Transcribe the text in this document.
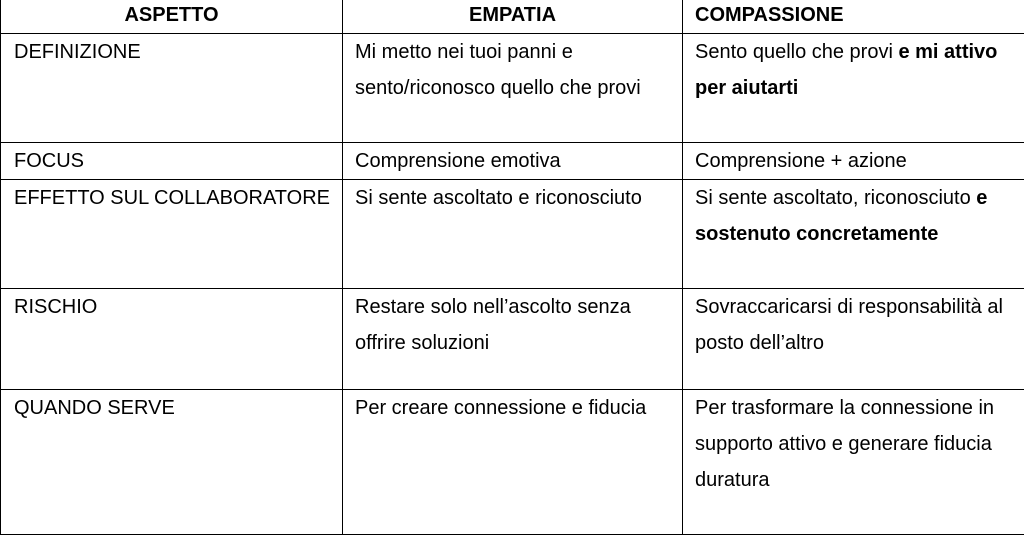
ASPETTO	EMPATIA	COMPASSIONE
DEFINIZIONE	Mi metto nei tuoi panni e sento/riconosco quello che provi	Sento quello che provi e mi attivo per aiutarti
FOCUS	Comprensione emotiva	Comprensione + azione
EFFETTO SUL COLLABORATORE	Si sente ascoltato e riconosciuto	Si sente ascoltato, riconosciuto e sostenuto concretamente
RISCHIO	Restare solo nell’ascolto senza offrire soluzioni	Sovraccaricarsi di responsabilità al posto dell’altro
QUANDO SERVE	Per creare connessione e fiducia	Per trasformare la connessione in supporto attivo e generare fiducia duratura
